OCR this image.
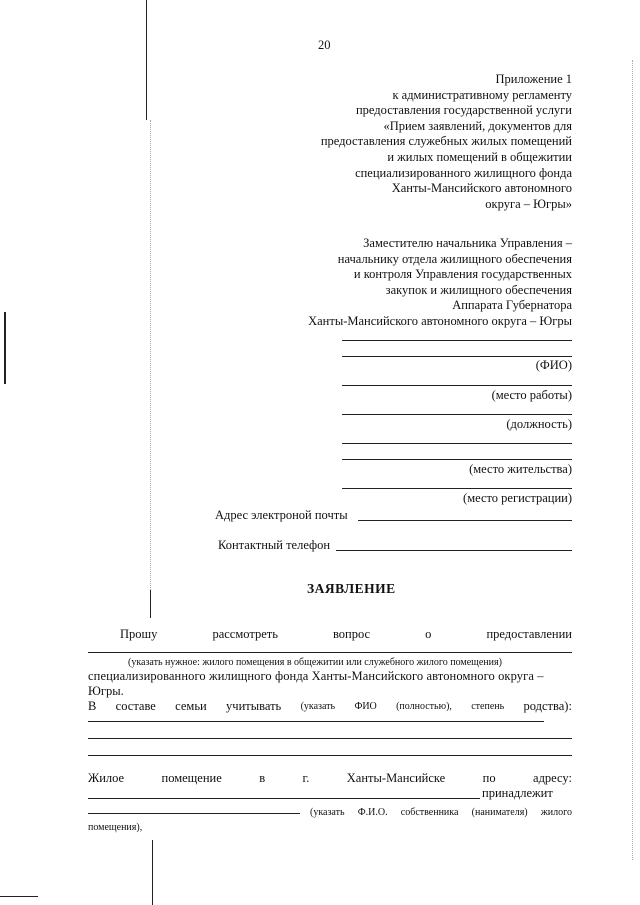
20
Приложение 1
к административному регламенту
предоставления государственной услуги
«Прием заявлений, документов для
предоставления служебных жилых помещений
и жилых помещений в общежитии
специализированного жилищного фонда
Ханты-Мансийского автономного
округа – Югры»
Заместителю начальника Управления –
начальнику отдела жилищного обеспечения
и контроля Управления государственных
закупок и жилищного обеспечения
Аппарата Губернатора
Ханты-Мансийского автономного округа – Югры
(ФИО)
(место работы)
(должность)
(место жительства)
(место регистрации)
Адрес электроной почты
Контактный телефон
ЗАЯВЛЕНИЕ
Прошу	рассмотреть	вопрос	о	предоставлении
(указать нужное: жилого помещения в общежитии или служебного жилого помещения)
специализированного жилищного фонда Ханты-Мансийского автономного округа –
Югры.
В составе семьи учитывать (указать ФИО (полностью), степень родства):
Жилое	помещение	в	г.	Ханты-Мансийске	по	адресу:
принадлежит
(указать Ф.И.О. собственника (нанимателя) жилого
помещения),
